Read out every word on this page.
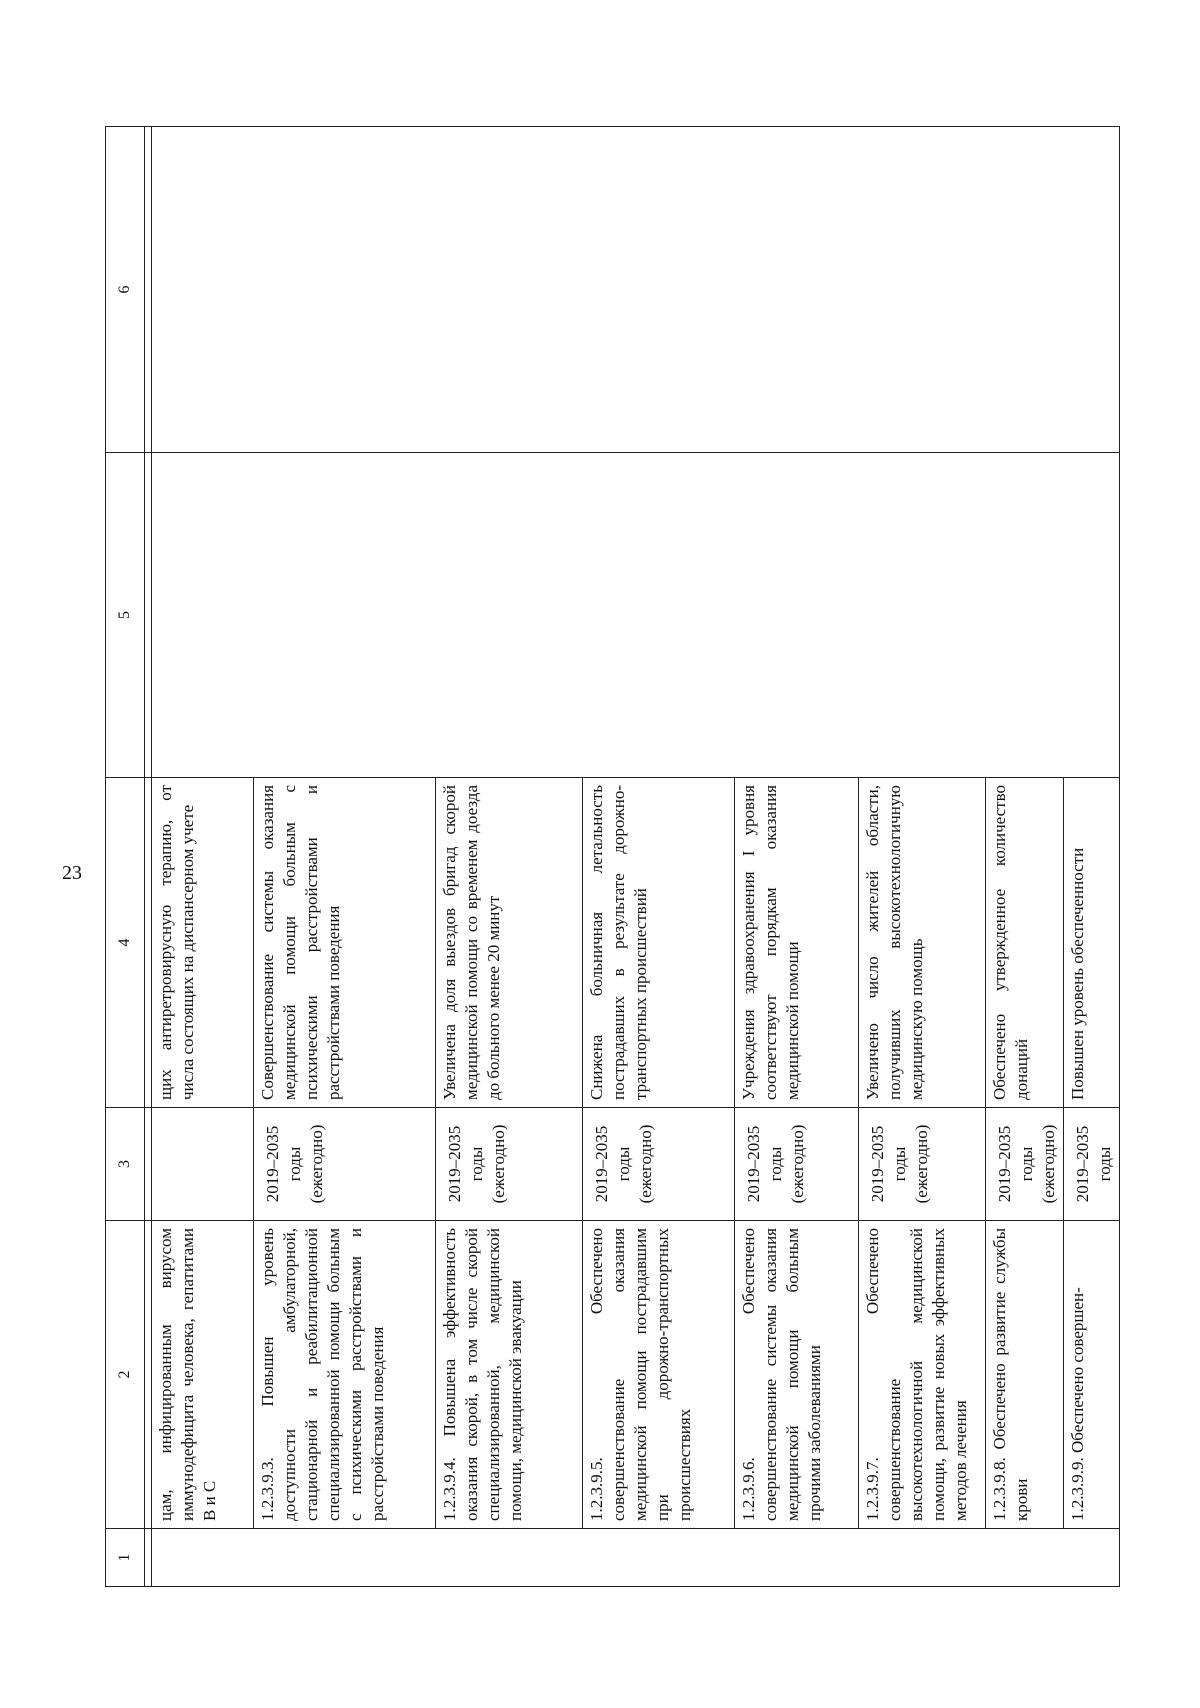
23
1	2	3	4	5	6

	цам, инфицированным вирусом иммунодефицита человека, гепатитами В и С		щих антиретровирусную терапию, от числа состоящих на диспансерном учете		
	1.2.3.9.3. Повышен уровень доступности амбулаторной, стационарной и реабилитационной специализированной помощи больным с психическими расстройствами и расстройствами поведения	2019–2035 годы (ежегодно)	Совершенствование системы оказания медицинской помощи больным с психическими расстройствами и расстройствами поведения		
	1.2.3.9.4. Повышена эффективность оказания скорой, в том числе скорой специализированной, медицинской помощи, медицинской эвакуации	2019–2035 годы (ежегодно)	Увеличена доля выездов бригад скорой медицинской помощи со временем доезда до больного менее 20 минут		
	1.2.3.9.5. Обеспечено совершенствование оказания медицинской помощи пострадавшим при дорожно-транспортных происшествиях	2019–2035 годы (ежегодно)	Снижена больничная летальность пострадавших в результате дорожно-транспортных происшествий		
	1.2.3.9.6. Обеспечено совершенствование системы оказания медицинской помощи больным прочими заболеваниями	2019–2035 годы (ежегодно)	Учреждения здравоохранения I уровня соответствуют порядкам оказания медицинской помощи		
	1.2.3.9.7. Обеспечено совершенствование высокотехнологичной медицинской помощи, развитие новых эффективных методов лечения	2019–2035 годы (ежегодно)	Увеличено число жителей области, получивших высокотехнологичную медицинскую помощь		
	1.2.3.9.8. Обеспечено развитие службы крови	2019–2035 годы (ежегодно)	Обеспечено утвержденное количество донаций		
	1.2.3.9.9. Обеспечено совершен-	2019–2035 годы	Повышен уровень обеспеченности		
